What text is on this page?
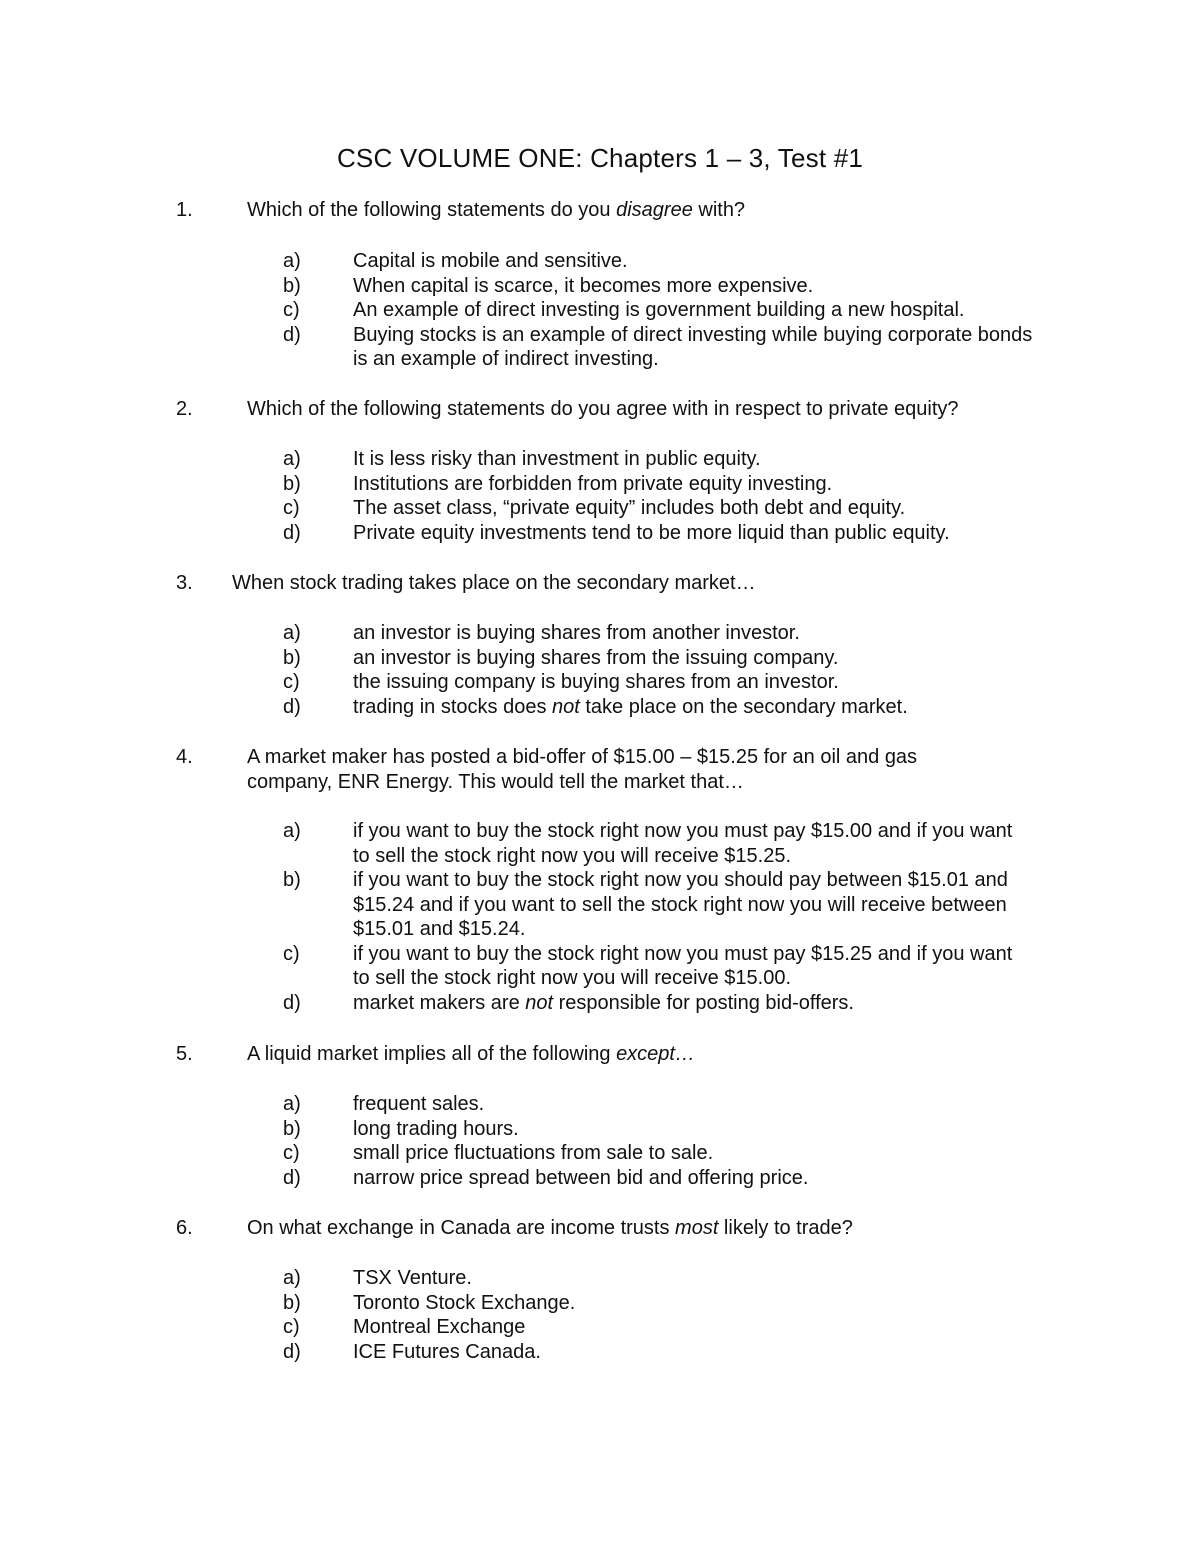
CSC VOLUME ONE: Chapters 1 – 3, Test #1
1.	Which of the following statements do you disagree with?
a)	Capital is mobile and sensitive.
b)	When capital is scarce, it becomes more expensive.
c)	An example of direct investing is government building a new hospital.
d)	Buying stocks is an example of direct investing while buying corporate bonds is an example of indirect investing.
2.	Which of the following statements do you agree with in respect to private equity?
a)	It is less risky than investment in public equity.
b)	Institutions are forbidden from private equity investing.
c)	The asset class, “private equity” includes both debt and equity.
d)	Private equity investments tend to be more liquid than public equity.
3. When stock trading takes place on the secondary market…
a)	an investor is buying shares from another investor.
b)	an investor is buying shares from the issuing company.
c)	the issuing company is buying shares from an investor.
d)	trading in stocks does not take place on the secondary market.
4.	A market maker has posted a bid-offer of $15.00 – $15.25 for an oil and gas company, ENR Energy. This would tell the market that…
a)	if you want to buy the stock right now you must pay $15.00 and if you want to sell the stock right now you will receive $15.25.
b)	if you want to buy the stock right now you should pay between $15.01 and $15.24 and if you want to sell the stock right now you will receive between $15.01 and $15.24.
c)	if you want to buy the stock right now you must pay $15.25 and if you want to sell the stock right now you will receive $15.00.
d)	market makers are not responsible for posting bid-offers.
5.	A liquid market implies all of the following except…
a)	frequent sales.
b)	long trading hours.
c)	small price fluctuations from sale to sale.
d)	narrow price spread between bid and offering price.
6.	On what exchange in Canada are income trusts most likely to trade?
a)	TSX Venture.
b)	Toronto Stock Exchange.
c)	Montreal Exchange
d)	ICE Futures Canada.
